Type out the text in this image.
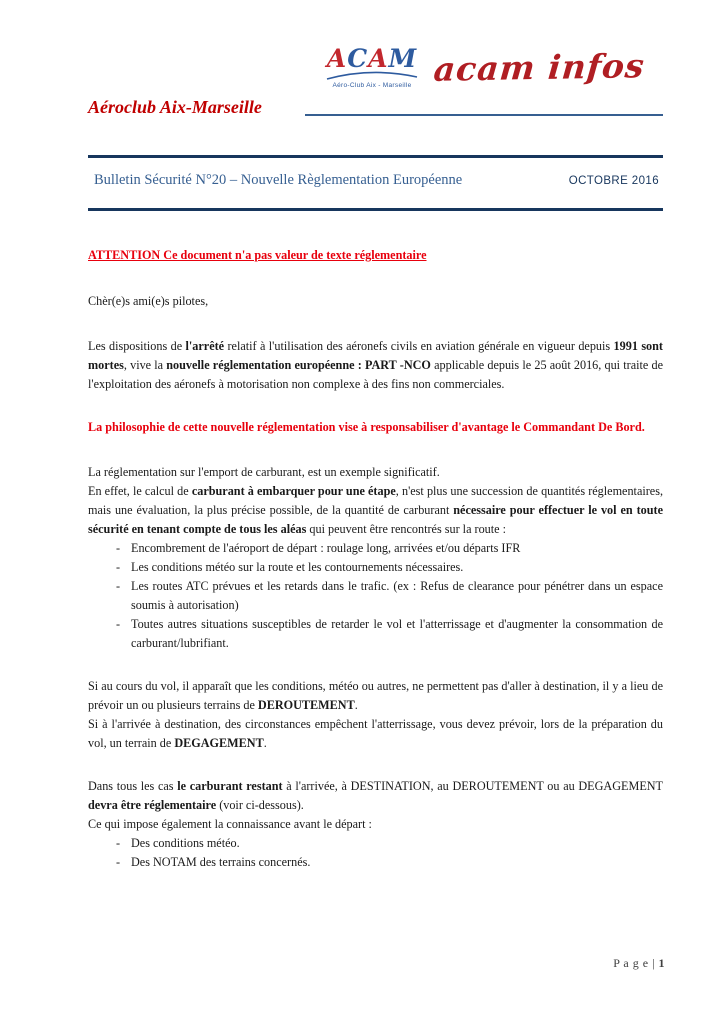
Aéroclub Aix-Marseille
ACAM
Aéro-Club Aix - Marseille acam infos
Bulletin Sécurité N°20 – Nouvelle Règlementation Européenne	OCTOBRE 2016
ATTENTION Ce document n'a pas valeur de texte réglementaire
Chèr(e)s ami(e)s pilotes,
Les dispositions de l'arrêté relatif à l'utilisation des aéronefs civils en aviation générale en vigueur depuis 1991 sont mortes, vive la nouvelle réglementation européenne : PART -NCO applicable depuis le 25 août 2016, qui traite de l'exploitation des aéronefs à motorisation non complexe à des fins non commerciales.
La philosophie de cette nouvelle réglementation vise à responsabiliser d'avantage le Commandant De Bord.
La réglementation sur l'emport de carburant, est un exemple significatif.
En effet, le calcul de carburant à embarquer pour une étape, n'est plus une succession de quantités réglementaires, mais une évaluation, la plus précise possible, de la quantité de carburant nécessaire pour effectuer le vol en toute sécurité en tenant compte de tous les aléas qui peuvent être rencontrés sur la route :
- Encombrement de l'aéroport de départ : roulage long, arrivées et/ou départs IFR
- Les conditions météo sur la route et les contournements nécessaires.
- Les routes ATC prévues et les retards dans le trafic. (ex : Refus de clearance pour pénétrer dans un espace soumis à autorisation)
- Toutes autres situations susceptibles de retarder le vol et l'atterrissage et d'augmenter la consommation de carburant/lubrifiant.
Si au cours du vol, il apparaît que les conditions, météo ou autres, ne permettent pas d'aller à destination, il y a lieu de prévoir un ou plusieurs terrains de DEROUTEMENT.
Si à l'arrivée à destination, des circonstances empêchent l'atterrissage, vous devez prévoir, lors de la préparation du vol, un terrain de DEGAGEMENT.
Dans tous les cas le carburant restant à l'arrivée, à DESTINATION, au DEROUTEMENT ou au DEGAGEMENT devra être réglementaire (voir ci-dessous).
Ce qui impose également la connaissance avant le départ :
- Des conditions météo.
- Des NOTAM des terrains concernés.
P a g e | 1
